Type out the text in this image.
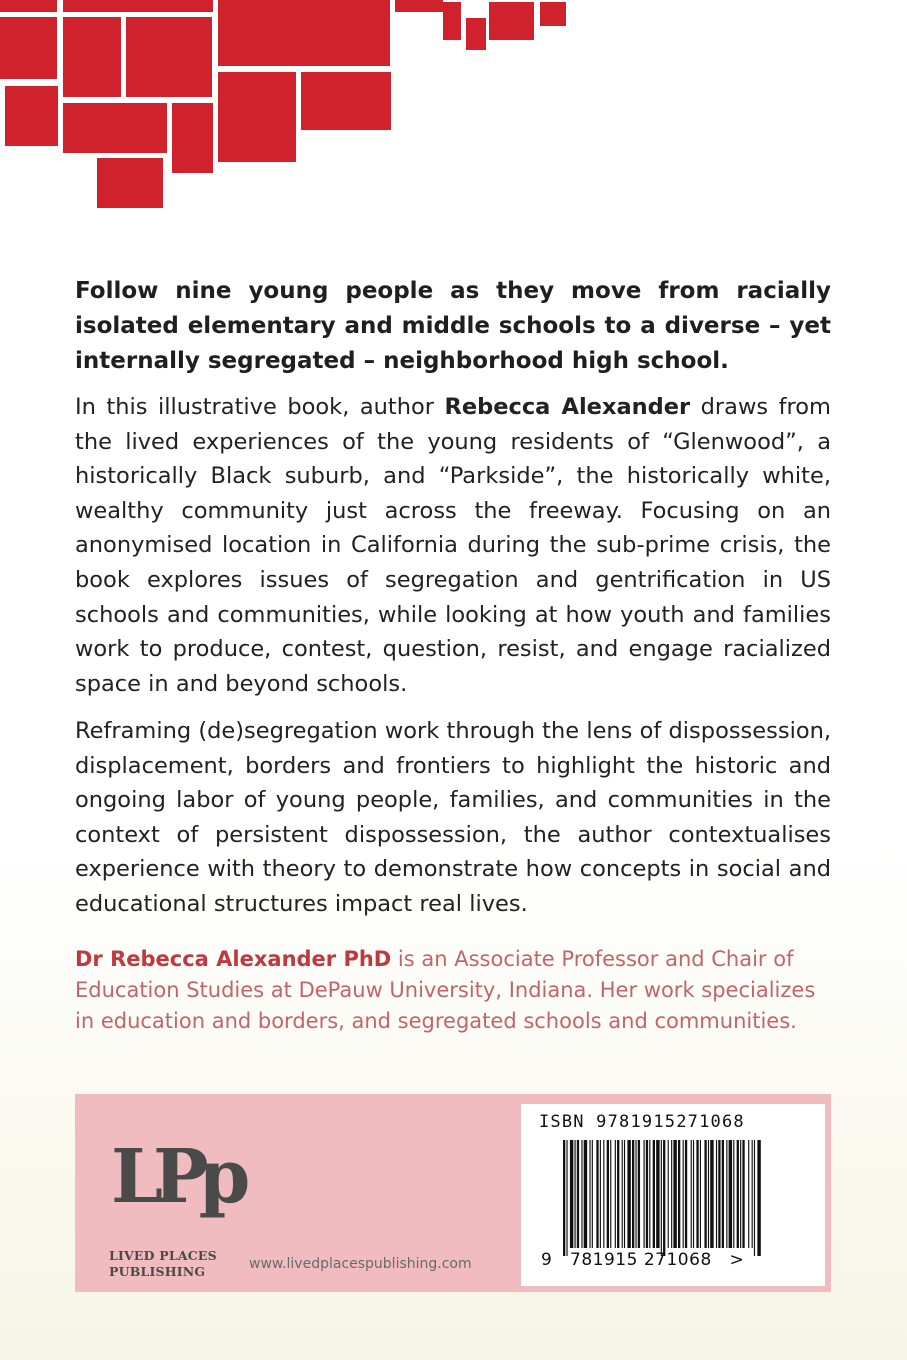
Follow nine young people as they move from racially isolated elementary and middle schools to a diverse – yet internally segregated – neighborhood high school.

In this illustrative book, author Rebecca Alexander draws from the lived experiences of the young residents of “Glenwood”, a historically Black suburb, and “Parkside”, the historically white, wealthy community just across the freeway. Focusing on an anonymised location in California during the sub-prime crisis, the book explores issues of segregation and gentrification in US schools and communities, while looking at how youth and families work to produce, contest, question, resist, and engage racialized space in and beyond schools.

Reframing (de)segregation work through the lens of dispossession, displacement, borders and frontiers to highlight the historic and ongoing labor of young people, families, and communities in the context of persistent dispossession, the author contextualises experience with theory to demonstrate how concepts in social and educational structures impact real lives.

Dr Rebecca Alexander PhD is an Associate Professor and Chair of Education Studies at DePauw University, Indiana. Her work specializes in education and borders, and segregated schools and communities.

LPp
LIVED PLACES
PUBLISHING	www.livedplacespublishing.com
ISBN 9781915271068
9 781915 271068 >
